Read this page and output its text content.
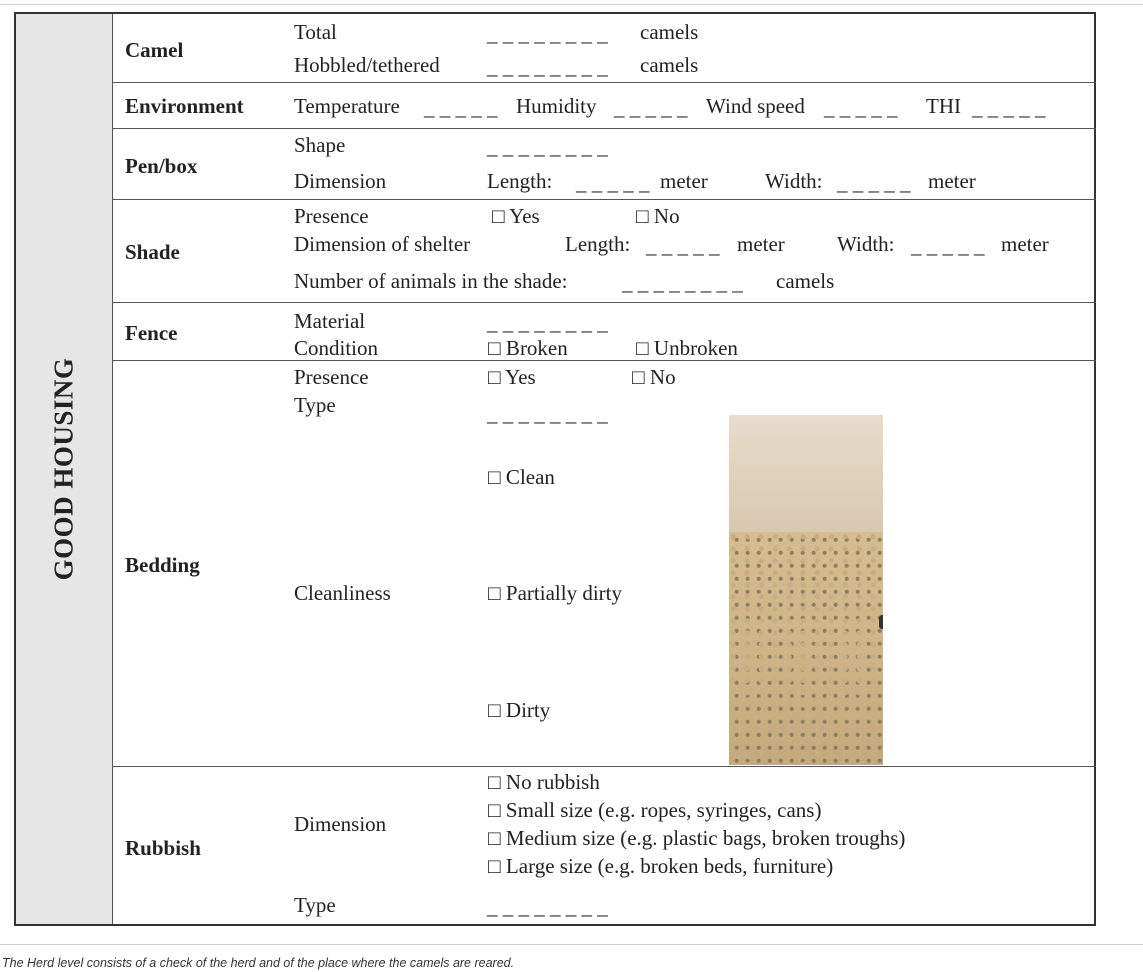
GOOD HOUSING
Camel
Total	_ _ _ _ _ _ _ _ camels
Hobbled/tethered _ _ _ _ _ _ _ _ camels
Environment Temperature _ _ _ _ _ Humidity _ _ _ _ _ Wind speed _ _ _ _ _ THI _ _ _ _ _
Pen/box
Shape	_ _ _ _ _ _ _ _
Dimension	Length: _ _ _ _ _ meter	Width: _ _ _ _ _ meter
Shade
Presence	□ Yes	□ No
Dimension of shelter	Length: _ _ _ _ _ meter Width: _ _ _ _ _ meter
Number of animals in the shade:	_ _ _ _ _ _ _ _ camels
Fence	Material	_ _ _ _ _ _ _ _
Condition	□ Broken	□ Unbroken
Bedding
Presence	□ Yes	□ No
Type	_ _ _ _ _ _ _ _
Cleanliness
□ Clean
□ Partially dirty
□ Dirty
Rubbish
Dimension
□ No rubbish
□ Small size (e.g. ropes, syringes, cans)
□ Medium size (e.g. plastic bags, broken troughs)
□ Large size (e.g. broken beds, furniture)
Type	_ _ _ _ _ _ _ _
The Herd level consists of a check of the herd and of the place where the camels are reared.
